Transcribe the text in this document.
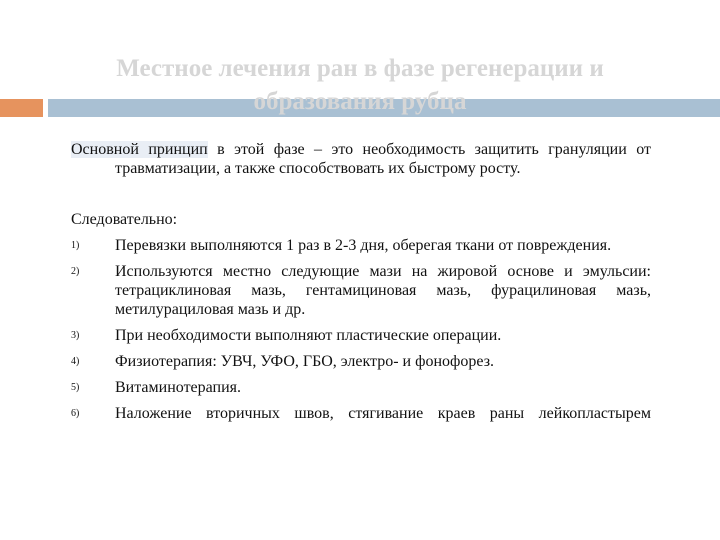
Местное лечения ран в фазе регенерации и
образования рубца

Основной принцип в этой фазе – это необходимость защитить грануляции от травматизации, а также способствовать их быстрому росту.

Следовательно:

1) Перевязки выполняются 1 раз в 2-3 дня, оберегая ткани от повреждения.
2) Используются местно следующие мази на жировой основе и эмульсии: тетрациклиновая мазь, гентамициновая мазь, фурацилиновая мазь, метилурациловая мазь и др.
3) При необходимости выполняют пластические операции.
4) Физиотерапия: УВЧ, УФО, ГБО, электро- и фонофорез.
5) Витаминотерапия.
6) Наложение вторичных швов, стягивание краев раны лейкопластырем
